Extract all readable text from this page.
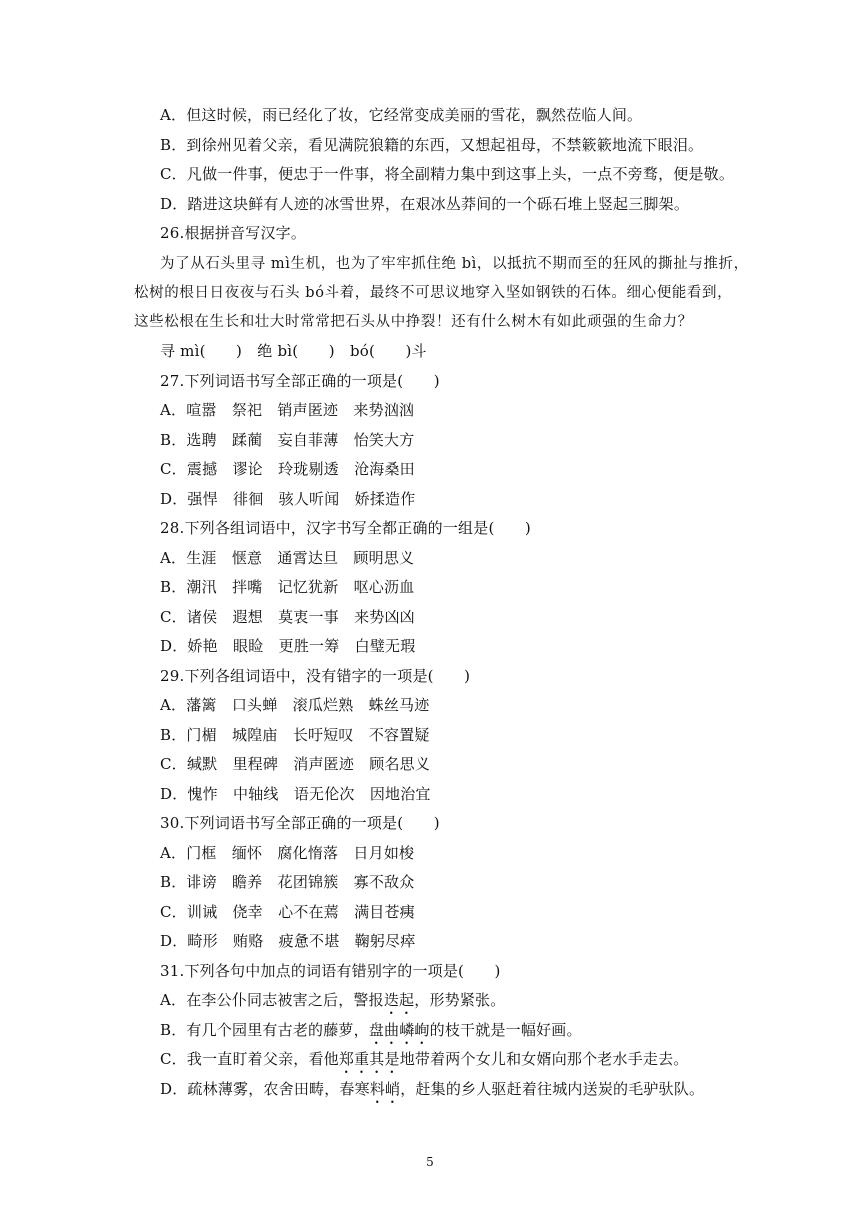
A．但这时候，雨已经化了妆，它经常变成美丽的雪花，飘然莅临人间。
B．到徐州见着父亲，看见满院狼籍的东西，又想起祖母，不禁簌簌地流下眼泪。
C．凡做一件事，便忠于一件事，将全副精力集中到这事上头，一点不旁骛，便是敬。
D．踏进这块鲜有人迹的冰雪世界，在艰冰丛莽间的一个砾石堆上竖起三脚架。
26.根据拼音写汉字。
为了从石头里寻 mì生机，也为了牢牢抓住绝 bì，以抵抗不期而至的狂风的撕扯与推折，
松树的根日日夜夜与石头 bó斗着，最终不可思议地穿入坚如钢铁的石体。细心便能看到，
这些松根在生长和壮大时常常把石头从中挣裂！还有什么树木有如此顽强的生命力？
寻 mì(　　)　绝 bì(　　)　bó(　　)斗
27.下列词语书写全部正确的一项是(　　)
A．喧嚣　祭祀　销声匿迹　来势汹汹
B．选聘　蹂蔺　妄自菲薄　怡笑大方
C．震撼　谬论　玲珑剔透　沧海桑田
D．强悍　徘徊　骇人听闻　娇揉造作
28.下列各组词语中，汉字书写全都正确的一组是(　　)
A．生涯　惬意　通霄达旦　顾明思义
B．潮汛　拌嘴　记忆犹新　呕心沥血
C．诸侯　遐想　莫衷一事　来势凶凶
D．娇艳　眼睑　更胜一筹　白璧无瑕
29.下列各组词语中，没有错字的一项是(　　)
A．藩篱　口头蝉　滚瓜烂熟　蛛丝马迹
B．门楣　城隍庙　长吁短叹　不容置疑
C．缄默　里程碑　消声匿迹　顾名思义
D．愧怍　中轴线　语无伦次　因地治宜
30.下列词语书写全部正确的一项是(　　)
A．门框　缅怀　腐化惰落　日月如梭
B．诽谤　瞻养　花团锦簇　寡不敌众
C．训诫　侥幸　心不在蔫　满目苍痍
D．畸形　贿赂　疲惫不堪　鞠躬尽瘁
31.下列各句中加点的词语有错别字的一项是(　　)
A．在李公仆同志被害之后，警报迭起，形势紧张。
B．有几个园里有古老的藤萝，盘曲嶙峋的枝干就是一幅好画。
C．我一直盯着父亲，看他郑重其是地带着两个女儿和女婿向那个老水手走去。
D．疏林薄雾，农舍田畴，春寒料峭，赶集的乡人驱赶着往城内送炭的毛驴驮队。
5
